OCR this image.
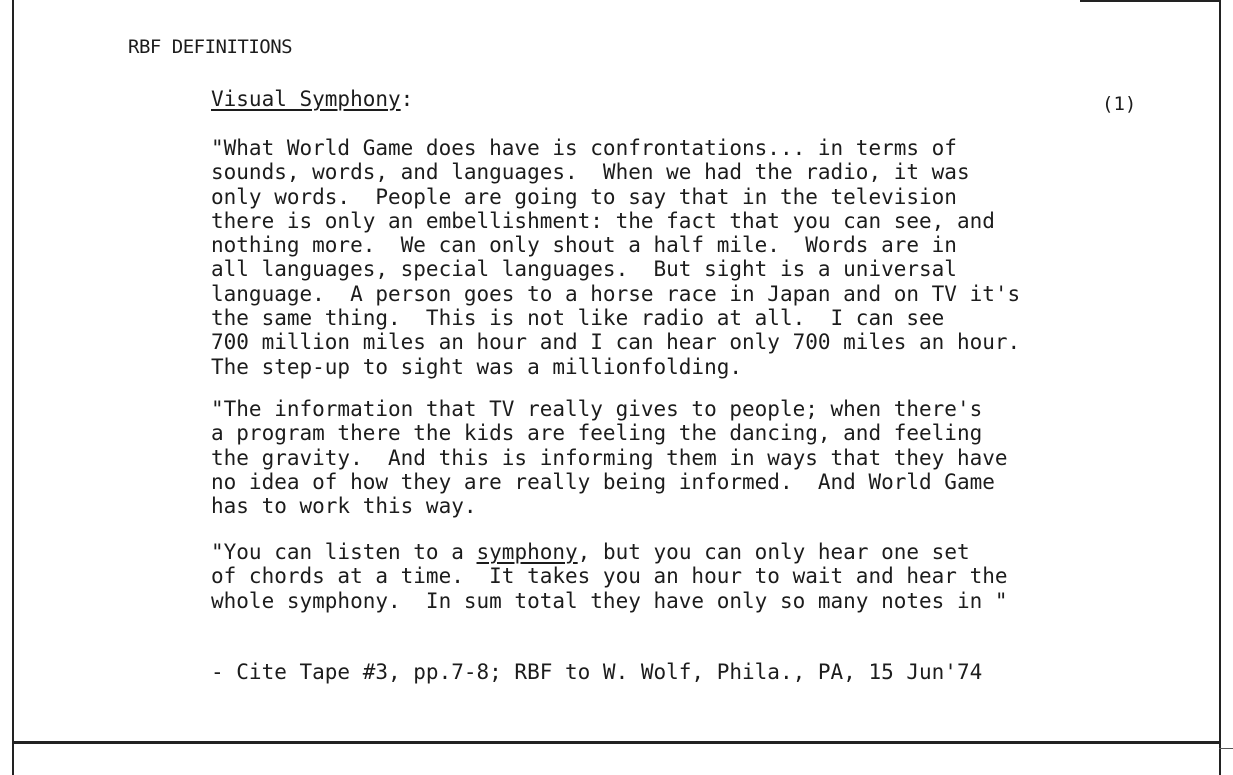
RBF DEFINITIONS
Visual Symphony:	(1)
"What World Game does have is confrontations... in terms of
sounds, words, and languages.  When we had the radio, it was
only words.  People are going to say that in the television
there is only an embellishment: the fact that you can see, and
nothing more.  We can only shout a half mile.  Words are in
all languages, special languages.  But sight is a universal
language.  A person goes to a horse race in Japan and on TV it's
the same thing.  This is not like radio at all.  I can see
700 million miles an hour and I can hear only 700 miles an hour.
The step-up to sight was a millionfolding.
"The information that TV really gives to people; when there's
a program there the kids are feeling the dancing, and feeling
the gravity.  And this is informing them in ways that they have
no idea of how they are really being informed.  And World Game
has to work this way.
"You can listen to a symphony, but you can only hear one set
of chords at a time.  It takes you an hour to wait and hear the
whole symphony.  In sum total they have only so many notes in "
- Cite Tape #3, pp.7-8; RBF to W. Wolf, Phila., PA, 15 Jun'74
